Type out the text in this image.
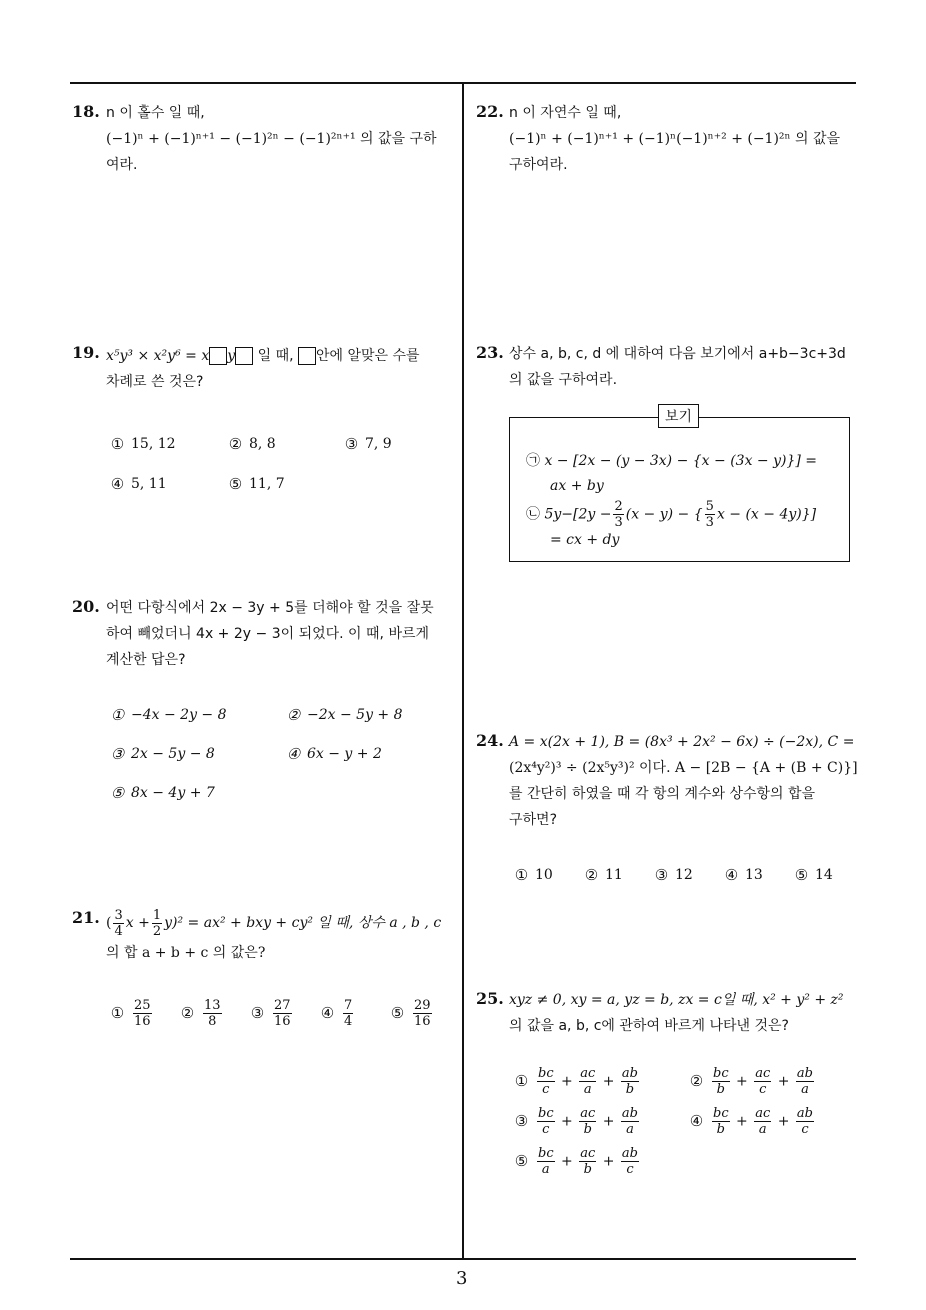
3
18. n 이 홀수 일 때,
(−1)ⁿ + (−1)ⁿ⁺¹ − (−1)²ⁿ − (−1)²ⁿ⁺¹ 의 값을 구하
여라.
19. x⁵y³ × x²y⁶ = x y 일 때, 안에 알맞은 수를
차례로 쓴 것은?
① 15, 12	② 8, 8	③ 7, 9
④ 5, 11	⑤ 11, 7
20. 어떤 다항식에서 2x − 3y + 5를 더해야 할 것을 잘못
하여 빼었더니 4x + 2y − 3이 되었다. 이 때, 바르게
계산한 답은?
① −4x − 2y − 8	② −2x − 5y + 8
③ 2x − 5y − 8	④ 6x − y + 2
⑤ 8x − 4y + 7
21. ( $\frac{3}{4}$ $x + \frac{1}{2} y)^2 = ax^2$ + bxy + cy² 일 때, 상수 a , b , c
의 합 a + b + c 의 값은?
① $\frac{25}{16}$ ② $\frac{13}{8}$ ③ $\frac{27}{16}$ ④ $\frac{7}{4}$ ⑤ $\frac{29}{16}$
22. n 이 자연수 일 때,
(−1)ⁿ + (−1)ⁿ⁺¹ + (−1)ⁿ(−1)ⁿ⁺² + (−1)²ⁿ 의 값을
구하여라.
23. 상수 a, b, c, d 에 대하여 다음 보기에서 a+b−3c+3d
의 값을 구하여라.
보기
㉠ x − [2x − (y − 3x) − {x − (3x − y)}] =
ax + by
㉡ $5y-[2y - \frac{2}{3} (x - y)$ − { $\frac{5}{3}$ x − (x − 4y)}]
= cx + dy
24. A = x(2x + 1), B = (8x³ + 2x² − 6x) ÷ (−2x), C =
(2x⁴y²)³ ÷ (2x⁵y³)² 이다. A − [2B − {A + (B + C)}]
를 간단히 하였을 때 각 항의 계수와 상수항의 합을
구하면?
① 10 ② 11 ③ 12 ④ 13 ⑤ 14
25. xyz ≠ 0, xy = a, yz = b, zx = c일 때, x² + y² + z²
의 값을 a, b, c에 관하여 바르게 나타낸 것은?
① $\frac{bc}{c} + \frac{ac}{a} + \frac{ab}{b}$	② $\frac{bc}{b} + \frac{ac}{c} + \frac{ab}{a}$
③ $\frac{bc}{c} + \frac{ac}{b} + \frac{ab}{a}$	④ $\frac{bc}{b} + \frac{ac}{a} + \frac{ab}{c}$
⑤ $\frac{bc}{a} + \frac{ac}{b} + \frac{ab}{c}$
